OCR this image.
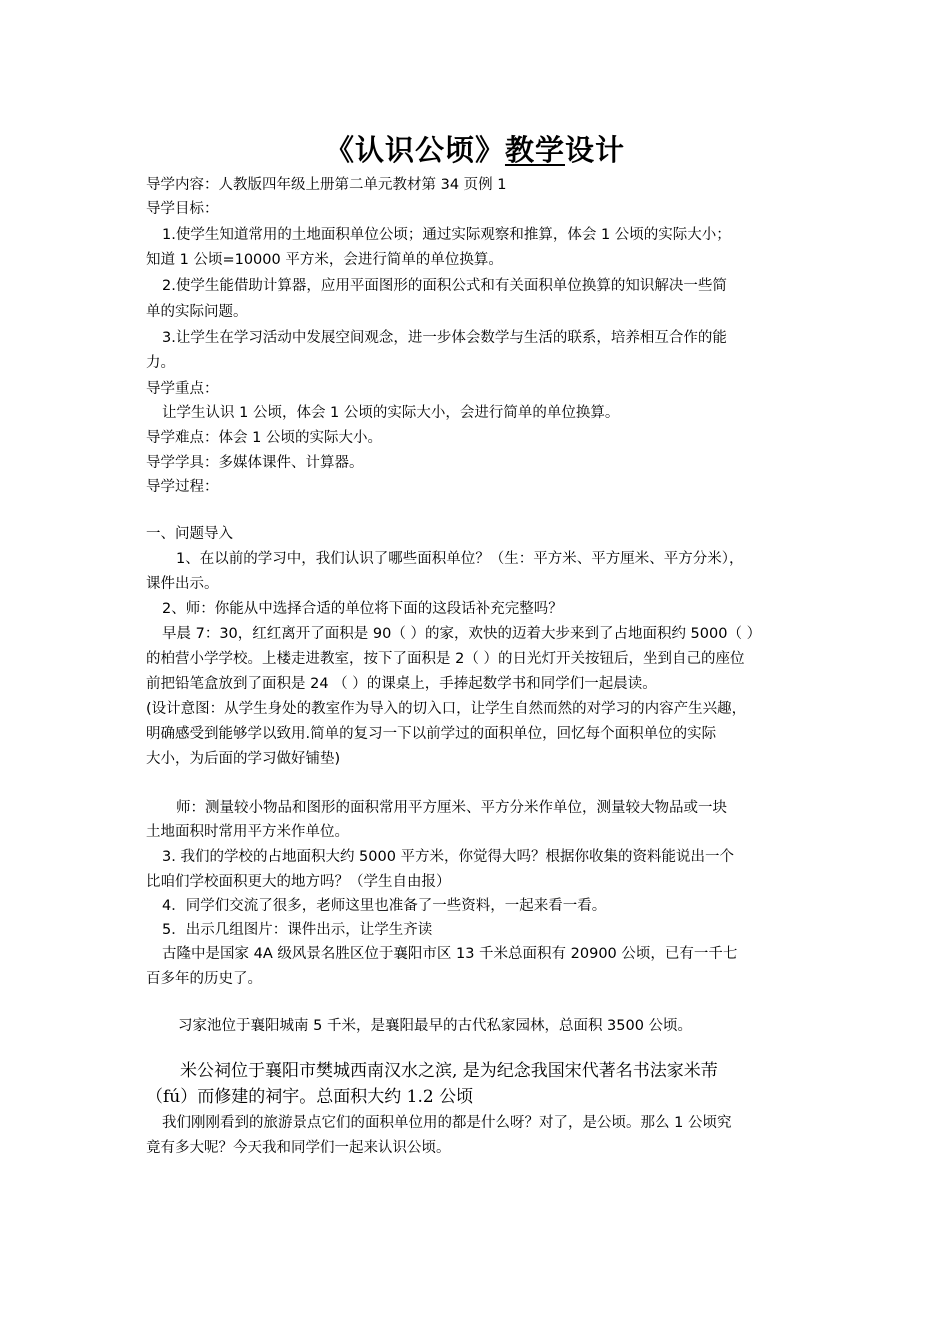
《认识公顷》教学设计
导学内容：人教版四年级上册第二单元教材第 34 页例 1
导学目标：
1.使学生知道常用的土地面积单位公顷；通过实际观察和推算，体会 1 公顷的实际大小；
知道 1 公顷=10000 平方米，会进行简单的单位换算。
2.使学生能借助计算器，应用平面图形的面积公式和有关面积单位换算的知识解决一些简
单的实际问题。
3.让学生在学习活动中发展空间观念，进一步体会数学与生活的联系，培养相互合作的能
力。
导学重点：
让学生认识 1 公顷，体会 1 公顷的实际大小，会进行简单的单位换算。
导学难点：体会 1 公顷的实际大小。
导学学具：多媒体课件、计算器。
导学过程：
一、问题导入
1、在以前的学习中，我们认识了哪些面积单位？（生：平方米、平方厘米、平方分米），
课件出示。
2、师：你能从中选择合适的单位将下面的这段话补充完整吗？
早晨 7：30，红红离开了面积是 90（ ）的家，欢快的迈着大步来到了占地面积约 5000（ ）
的柏营小学学校。上楼走进教室，按下了面积是 2（ ）的日光灯开关按钮后，坐到自己的座位
前把铅笔盒放到了面积是 24 （ ）的课桌上，手捧起数学书和同学们一起晨读。
(设计意图：从学生身处的教室作为导入的切入口，让学生自然而然的对学习的内容产生兴趣，
明确感受到能够学以致用.简单的复习一下以前学过的面积单位，回忆每个面积单位的实际
大小，为后面的学习做好铺垫)
师：测量较小物品和图形的面积常用平方厘米、平方分米作单位，测量较大物品或一块
土地面积时常用平方米作单位。
3. 我们的学校的占地面积大约 5000 平方米，你觉得大吗？根据你收集的资料能说出一个
比咱们学校面积更大的地方吗？（学生自由报）
4．同学们交流了很多，老师这里也准备了一些资料，一起来看一看。
5．出示几组图片：课件出示，让学生齐读
古隆中是国家 4A 级风景名胜区位于襄阳市区 13 千米总面积有 20900 公顷，已有一千七
百多年的历史了。
习家池位于襄阳城南 5 千米，是襄阳最早的古代私家园林，总面积 3500 公顷。
米公祠位于襄阳市樊城西南汉水之滨, 是为纪念我国宋代著名书法家米芾
（fú）而修建的祠宇。总面积大约 1.2 公顷
我们刚刚看到的旅游景点它们的面积单位用的都是什么呀？对了，是公顷。那么 1 公顷究
竟有多大呢？今天我和同学们一起来认识公顷。
